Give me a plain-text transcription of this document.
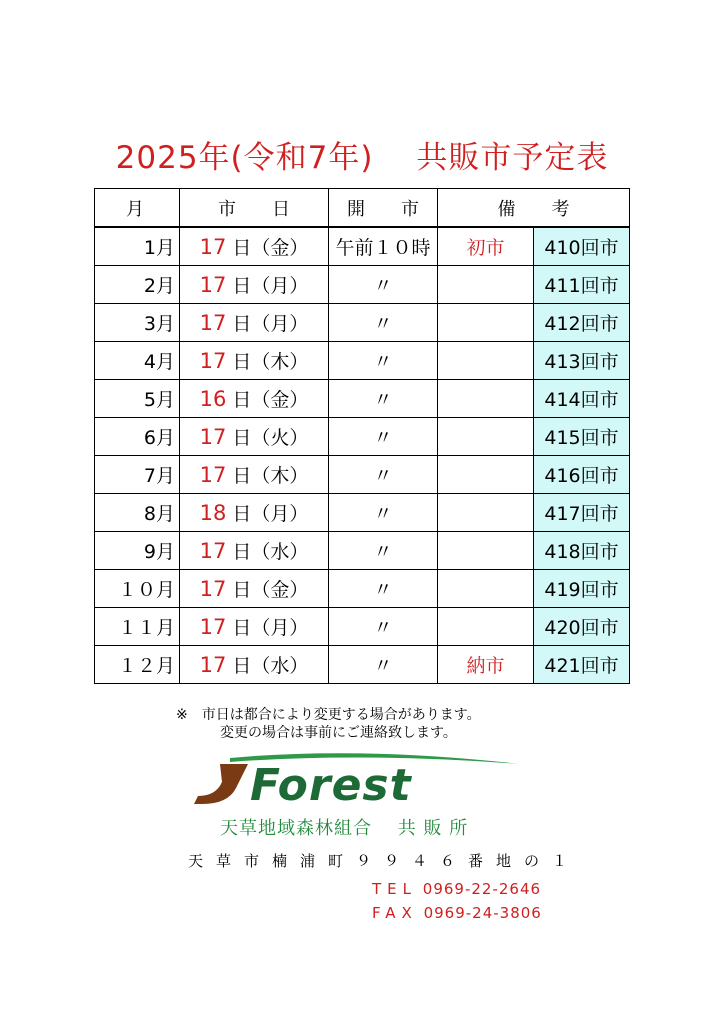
2025年(令和7年)　 共販市予定表
月	市　　日	開　　市	備　　考	
1月	17 日（金）	午前１０時	初市	410回市
2月	17 日（月）	〃		411回市
3月	17 日（月）	〃		412回市
4月	17 日（木）	〃		413回市
5月	16 日（金）	〃		414回市
6月	17 日（火）	〃		415回市
7月	17 日（木）	〃		416回市
8月	18 日（月）	〃		417回市
9月	17 日（水）	〃		418回市
１０月	17 日（金）	〃		419回市
１１月	17 日（月）	〃		420回市
１２月	17 日（水）	〃	納市	421回市
※　市日は都合により変更する場合があります。
変更の場合は事前にご連絡致します。
Forest
天草地域森林組合　 共 販 所
天草市楠浦町９９４６番地の１
TEL 0969-22-2646
FAX 0969-24-3806
